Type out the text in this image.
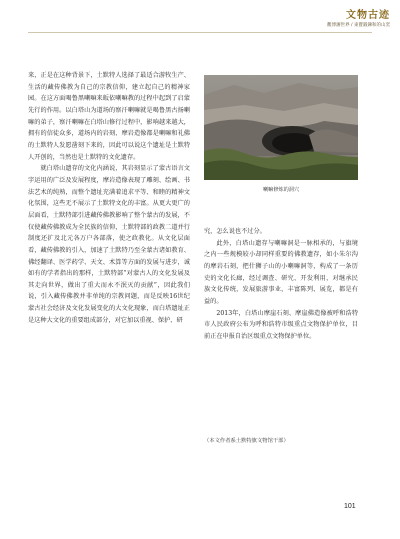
文物古迹
觀博瀋世界 / 東寶鍛鍊和的山窯

来，正是在这种背景下，土默特人选择了最适合游牧生产、生活的藏传佛教为自己的宗教信仰，建立起自己的精神家园。在这方面喝鲁黑喇嘛来皈依喇嘛教的过程中起到了启蒙先行的作用。以白塔山为道场的察汗喇嘛就是喝鲁黑古扬喇嘛的弟子，察汗喇嘛在白塔山修行过程中，影响越来越大，拥有的信徒众多，道场内的岩刻、摩岩造像都是喇嘛和礼佛的土默特人发愿凿刻下来的，因此可以说这个遗址是土默特人开创的，当然也是土默特的文化遗存。

就白塔山遗存的文化内涵说，其岩刻显示了蒙古语言文字运用的广泛及发展程度，摩岩造像表现了雕刻、绘画、书法艺术的纯熟，而整个遗址充满着追求平等、和睦的精神文化氛围，这些无不展示了土默特文化的丰富。从更大更广的层面看，土默特部引进藏传佛教影响了整个蒙古的发展，不仅使藏传佛教成为全民族的信仰，土默特部的政教二道并行制度还扩及北元各万户各部落，使之政教化。从文化层面看，藏传佛教的引入，加速了土默特乃至全蒙古诸如教育、佛经翻译、医学药学、天文、术算等方面的发展与进步，诚如有的学者指出的那样，土默特部“对蒙古人的文化发展及其走向世界，做出了重大而永不泯灭的贡献”，因此我们说，引入藏传佛教并非单纯的宗教问题，而是反映16世纪蒙古社会经济及文化发展变化的大文化现象，而白塔遗址正是这种大文化的重要组成部分，对它加以重视、保护、研

喇嘛修炼的洞穴

究，怎么说也不过分。

此外，白塔山遗存与喇嘛洞是一脉相承的，与旗境之内一些规模较小却同样重要的佛教遗存，如小朱尔沟的摩岩石刻，把什狮子山的小喇嘛洞等，构成了一条历史的文化长廊，经过调查、研究、开发利用，对继承民族文化传统，发展旅游事业，丰富陈列、展览，都是有益的。

2013年，白塔山摩崖石刻、摩崖佛造像被呼和浩特市人民政府公布为呼和浩特市级重点文物保护单位，目前正在申报自治区级重点文物保护单位。

（本文作者系土默特旗文物馆干部）
101
